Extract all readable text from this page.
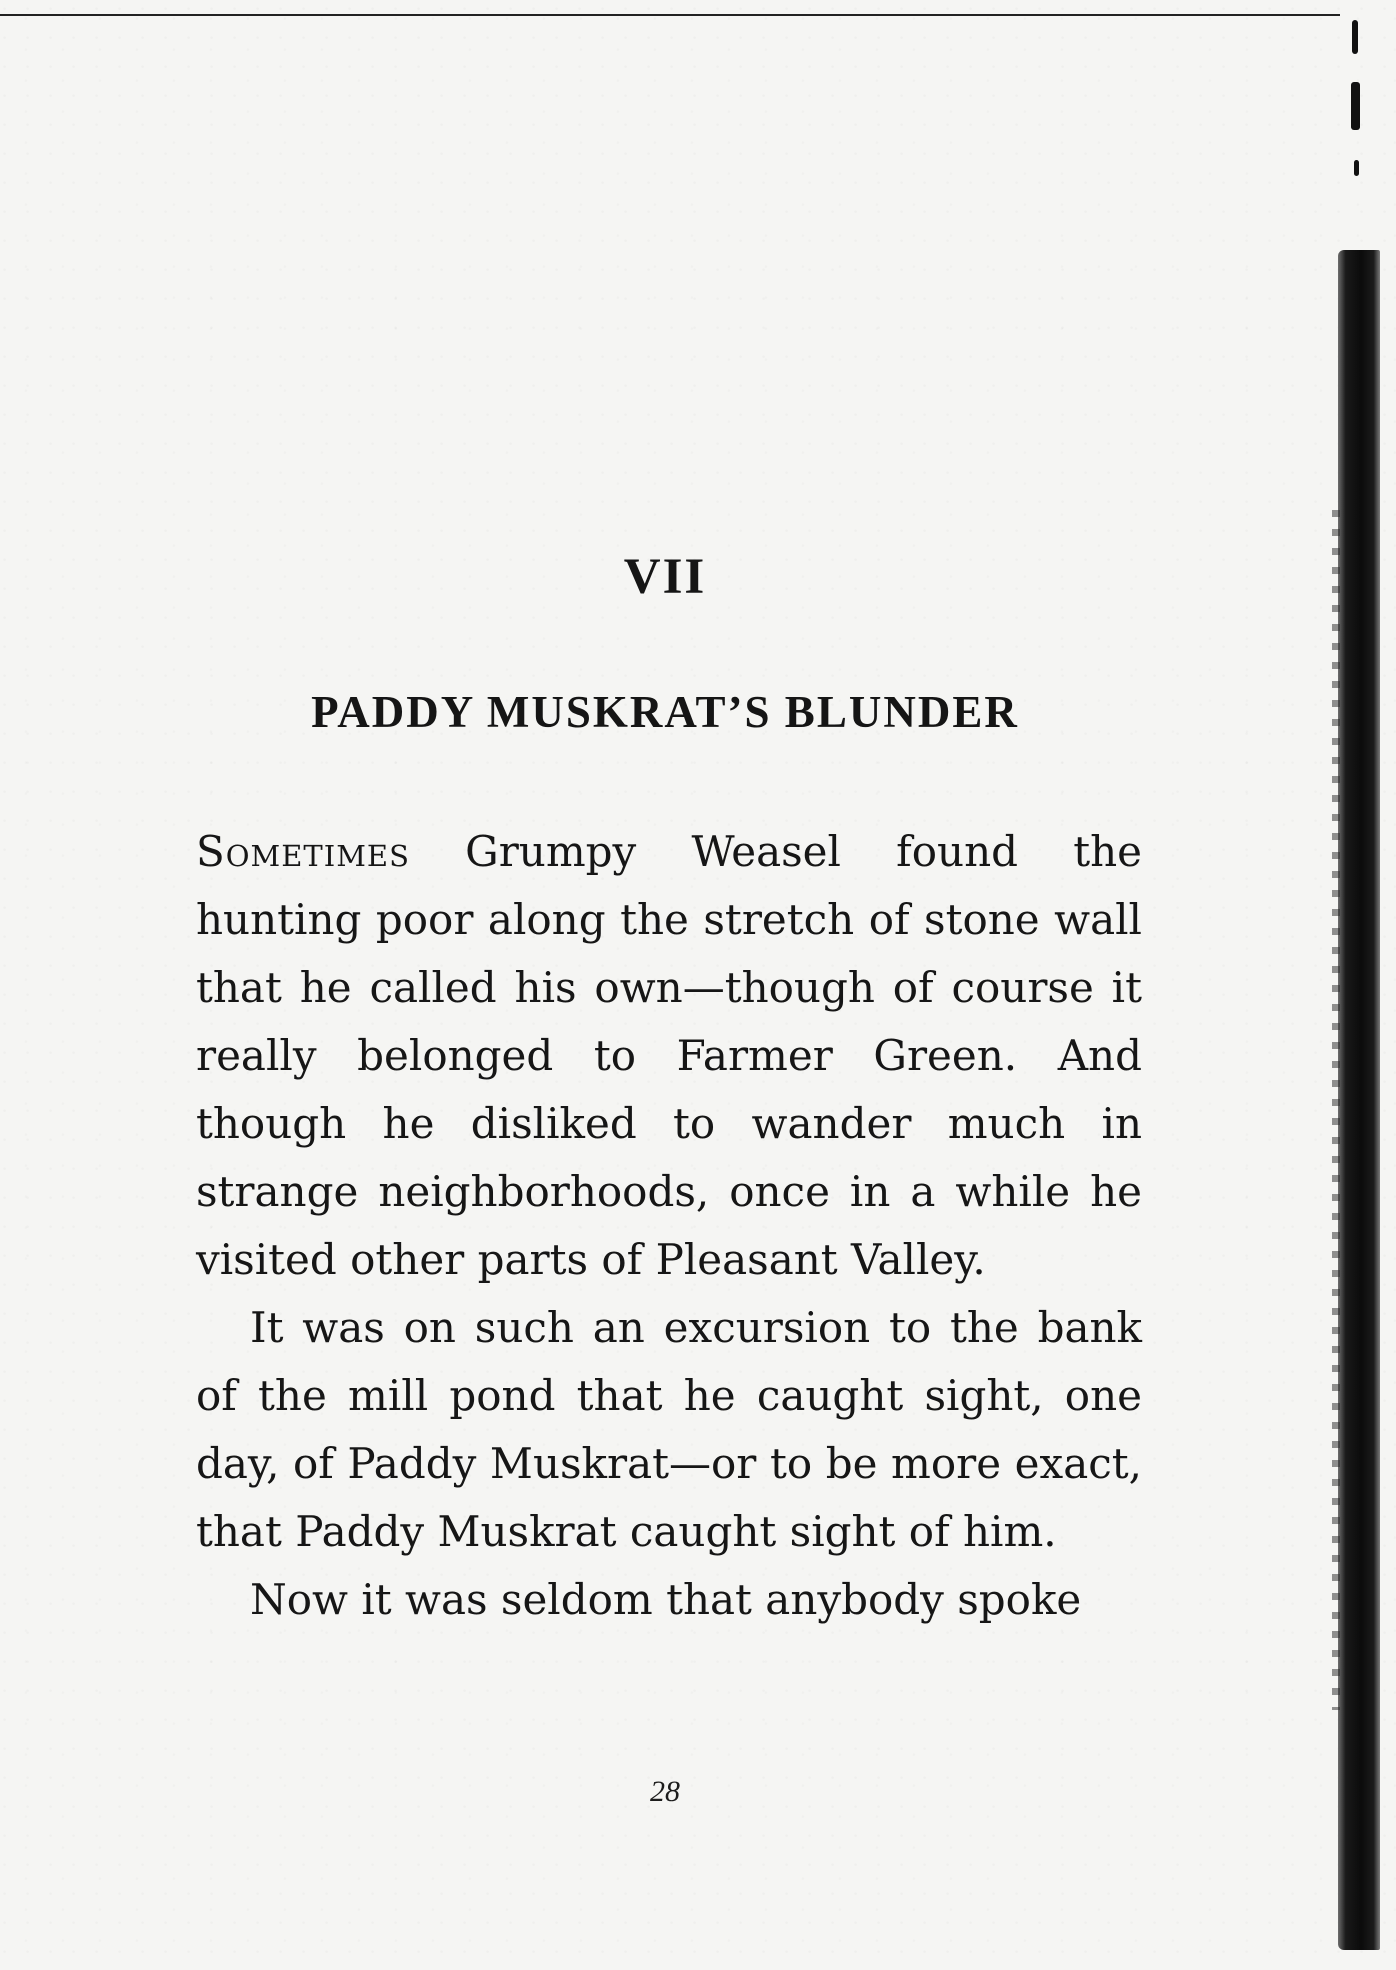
VII
PADDY MUSKRAT’S BLUNDER

Sometimes Grumpy Weasel found the hunting poor along the stretch of stone wall that he called his own—though of course it really belonged to Farmer Green. And though he disliked to wander much in strange neighborhoods, once in a while he visited other parts of Pleasant Valley.

It was on such an excursion to the bank of the mill pond that he caught sight, one day, of Paddy Muskrat—or to be more exact, that Paddy Muskrat caught sight of him.

Now it was seldom that anybody spoke

28
